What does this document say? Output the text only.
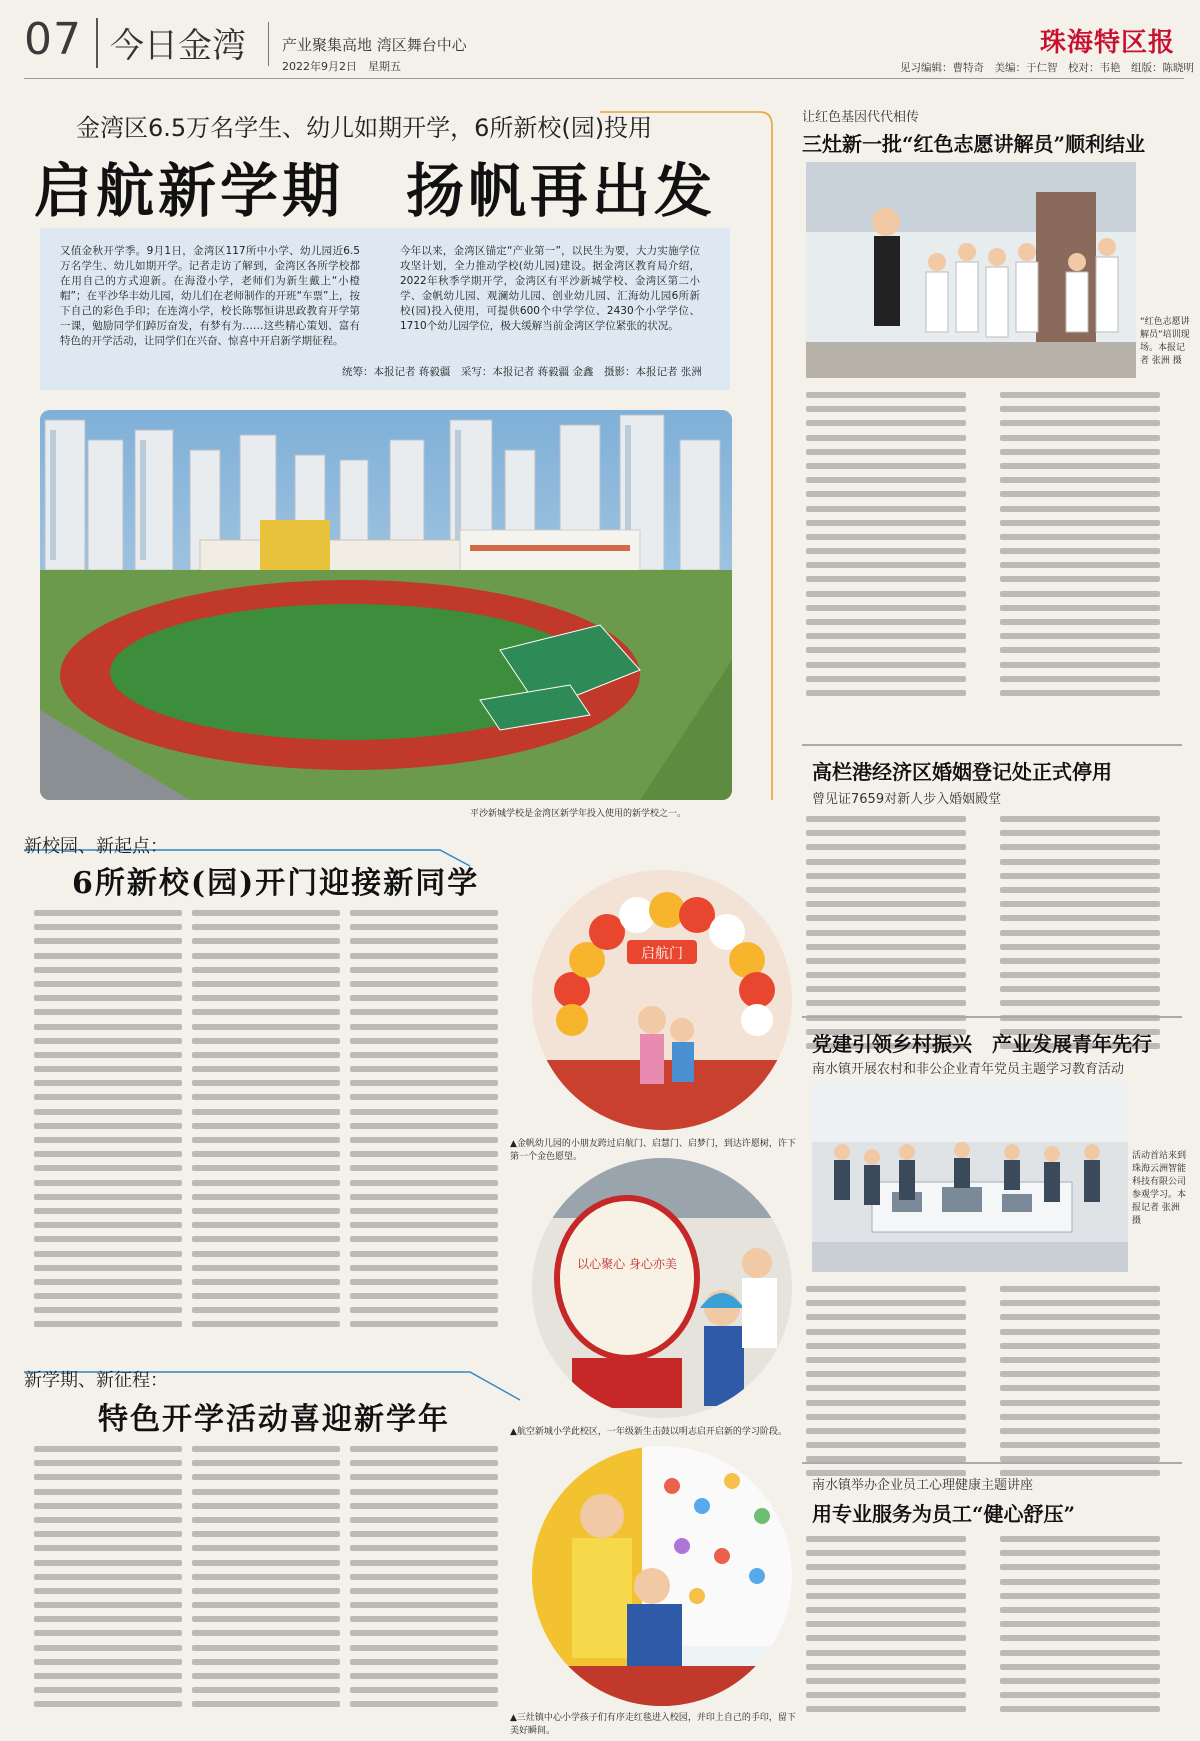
07 今日金湾 产业聚集高地 湾区舞台中心
2022年9月2日　星期五
珠海特区报
见习编辑：曹特奇　美编：于仁智　校对：韦艳　组版：陈晓明
金湾区6.5万名学生、幼儿如期开学，6所新校(园)投用
启航新学期　扬帆再出发
又值金秋开学季。9月1日，金湾区117所中小学、幼儿园近6.5万名学生、幼儿如期开学。记者走访了解到，金湾区各所学校都在用自己的方式迎新。在海澄小学，老师们为新生戴上“小橙帽”；在平沙华丰幼儿园，幼儿们在老师制作的开班“车票”上，按下自己的彩色手印；在连湾小学，校长陈鄂恒讲思政教育开学第一课，勉励同学们踔厉奋发，有梦有为……这些精心策划、富有特色的开学活动，让同学们在兴奋、惊喜中开启新学期征程。
今年以来，金湾区锚定“产业第一”，以民生为要，大力实施学位攻坚计划，全力推动学校(幼儿园)建设。据金湾区教育局介绍，2022年秋季学期开学，金湾区有平沙新城学校、金湾区第二小学、金帆幼儿园、观澜幼儿园、创业幼儿园、汇海幼儿园6所新校(园)投入使用，可提供600个中学学位、2430个小学学位、1710个幼儿园学位，极大缓解当前金湾区学位紧张的状况。
统筹：本报记者 蒋毅疆　采写：本报记者 蒋毅疆 金鑫　摄影：本报记者 张洲
平沙新城学校是金湾区新学年投入使用的新学校之一。
新校园、新起点：
6所新校(园)开门迎接新同学
新学期、新征程：
特色开学活动喜迎新学年
启航门
▲金帆幼儿园的小朋友跨过启航门、启慧门、启梦门，到达许愿树，许下第一个金色愿望。
以心聚心 身心亦美
▲航空新城小学此校区，一年级新生击鼓以明志启开启新的学习阶段。
▲三灶镇中心小学孩子们有序走红毯进入校园，并印上自己的手印，留下美好瞬间。
让红色基因代代相传
三灶新一批“红色志愿讲解员”顺利结业
“红色志愿讲解员”培训现场。本报记者 张洲 摄
高栏港经济区婚姻登记处正式停用
曾见证7659对新人步入婚姻殿堂
党建引领乡村振兴　产业发展青年先行
南水镇开展农村和非公企业青年党员主题学习教育活动
活动首站来到珠海云洲智能科技有限公司参观学习。本报记者 张洲 摄
南水镇举办企业员工心理健康主题讲座
用专业服务为员工“健心舒压”
